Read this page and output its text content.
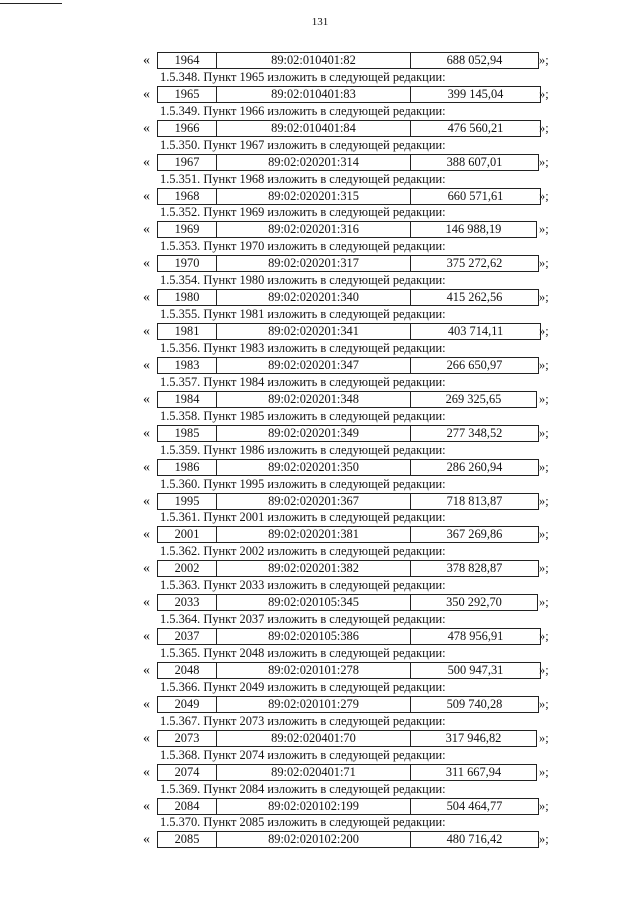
131
«	1964	89:02:010401:82	688 052,94	»;
1.5.348. Пункт 1965 изложить в следующей редакции:
«	1965	89:02:010401:83	399 145,04	»;
1.5.349. Пункт 1966 изложить в следующей редакции:
«	1966	89:02:010401:84	476 560,21	»;
1.5.350. Пункт 1967 изложить в следующей редакции:
«	1967	89:02:020201:314	388 607,01	»;
1.5.351. Пункт 1968 изложить в следующей редакции:
«	1968	89:02:020201:315	660 571,61	»;
1.5.352. Пункт 1969 изложить в следующей редакции:
«	1969	89:02:020201:316	146 988,19	»;
1.5.353. Пункт 1970 изложить в следующей редакции:
«	1970	89:02:020201:317	375 272,62	»;
1.5.354. Пункт 1980 изложить в следующей редакции:
«	1980	89:02:020201:340	415 262,56	»;
1.5.355. Пункт 1981 изложить в следующей редакции:
«	1981	89:02:020201:341	403 714,11	»;
1.5.356. Пункт 1983 изложить в следующей редакции:
«	1983	89:02:020201:347	266 650,97	»;
1.5.357. Пункт 1984 изложить в следующей редакции:
«	1984	89:02:020201:348	269 325,65	»;
1.5.358. Пункт 1985 изложить в следующей редакции:
«	1985	89:02:020201:349	277 348,52	»;
1.5.359. Пункт 1986 изложить в следующей редакции:
«	1986	89:02:020201:350	286 260,94	»;
1.5.360. Пункт 1995 изложить в следующей редакции:
«	1995	89:02:020201:367	718 813,87	»;
1.5.361. Пункт 2001 изложить в следующей редакции:
«	2001	89:02:020201:381	367 269,86	»;
1.5.362. Пункт 2002 изложить в следующей редакции:
«	2002	89:02:020201:382	378 828,87	»;
1.5.363. Пункт 2033 изложить в следующей редакции:
«	2033	89:02:020105:345	350 292,70	»;
1.5.364. Пункт 2037 изложить в следующей редакции:
«	2037	89:02:020105:386	478 956,91	»;
1.5.365. Пункт 2048 изложить в следующей редакции:
«	2048	89:02:020101:278	500 947,31	»;
1.5.366. Пункт 2049 изложить в следующей редакции:
«	2049	89:02:020101:279	509 740,28	»;
1.5.367. Пункт 2073 изложить в следующей редакции:
«	2073	89:02:020401:70	317 946,82	»;
1.5.368. Пункт 2074 изложить в следующей редакции:
«	2074	89:02:020401:71	311 667,94	»;
1.5.369. Пункт 2084 изложить в следующей редакции:
«	2084	89:02:020102:199	504 464,77	»;
1.5.370. Пункт 2085 изложить в следующей редакции:
«	2085	89:02:020102:200	480 716,42	»;
